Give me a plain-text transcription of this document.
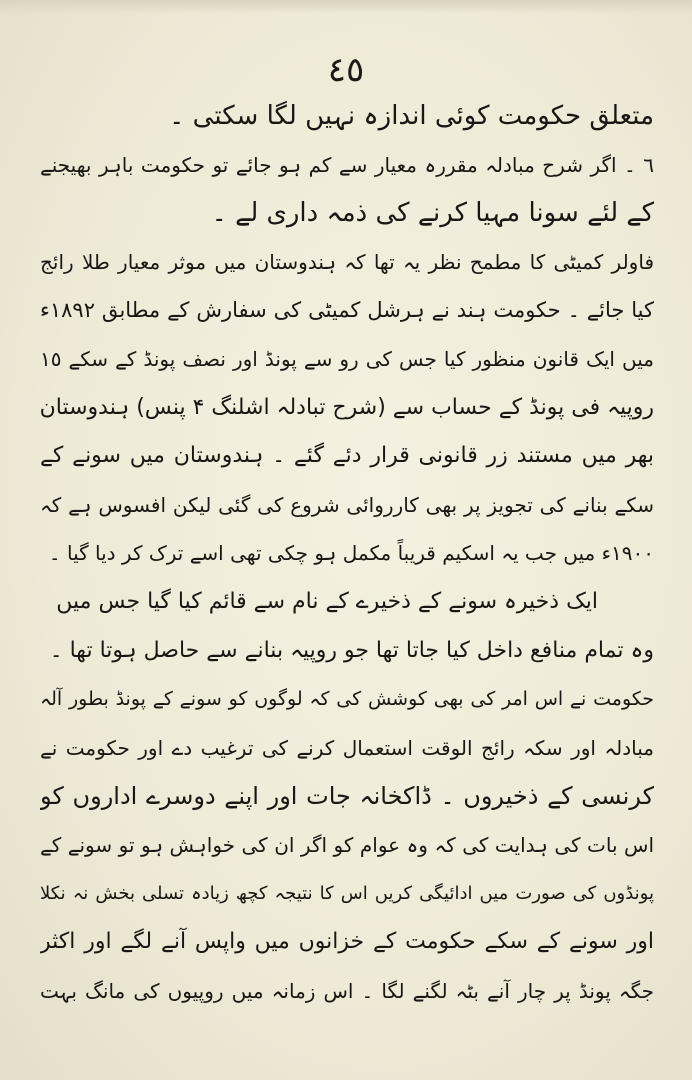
٤٥
متعلق حکومت کوئی اندازہ نہیں لگا سکتی ۔
٦ ۔ اگر شرح مبادلہ مقررہ معیار سے کم ہو جائے تو حکومت باہر بھیجنے
کے لئے سونا مہیا کرنے کی ذمہ داری لے ۔
فاولر کمیٹی کا مطمح نظر یہ تھا کہ ہندوستان میں موثر معیار طلا رائج
کیا جائے ۔ حکومت ہند نے ہرشل کمیٹی کی سفارش کے مطابق ١٨٩٢ء
میں ایک قانون منظور کیا جس کی رو سے پونڈ اور نصف پونڈ کے سکے ١٥
روپیہ فی پونڈ کے حساب سے (شرح تبادلہ اشلنگ ۴ پنس) ہندوستان
بھر میں مستند زر قانونی قرار دئے گئے ۔ ہندوستان میں سونے کے
سکے بنانے کی تجویز پر بھی کارروائی شروع کی گئی لیکن افسوس ہے کہ
١٩٠٠ء میں جب یہ اسکیم قریباً مکمل ہو چکی تھی اسے ترک کر دیا گیا ۔
ایک ذخیرہ سونے کے ذخیرے کے نام سے قائم کیا گیا جس میں
وہ تمام منافع داخل کیا جاتا تھا جو روپیہ بنانے سے حاصل ہوتا تھا ۔
حکومت نے اس امر کی بھی کوشش کی کہ لوگوں کو سونے کے پونڈ بطور آلہ
مبادلہ اور سکہ رائج الوقت استعمال کرنے کی ترغیب دے اور حکومت نے
کرنسی کے ذخیروں ۔ ڈاکخانہ جات اور اپنے دوسرے اداروں کو
اس بات کی ہدایت کی کہ وہ عوام کو اگر ان کی خواہش ہو تو سونے کے
پونڈوں کی صورت میں ادائیگی کریں اس کا نتیجہ کچھ زیادہ تسلی بخش نہ نکلا
اور سونے کے سکے حکومت کے خزانوں میں واپس آنے لگے اور اکثر
جگہ پونڈ پر چار آنے بٹہ لگنے لگا ۔ اس زمانہ میں روپیوں کی مانگ بہت
